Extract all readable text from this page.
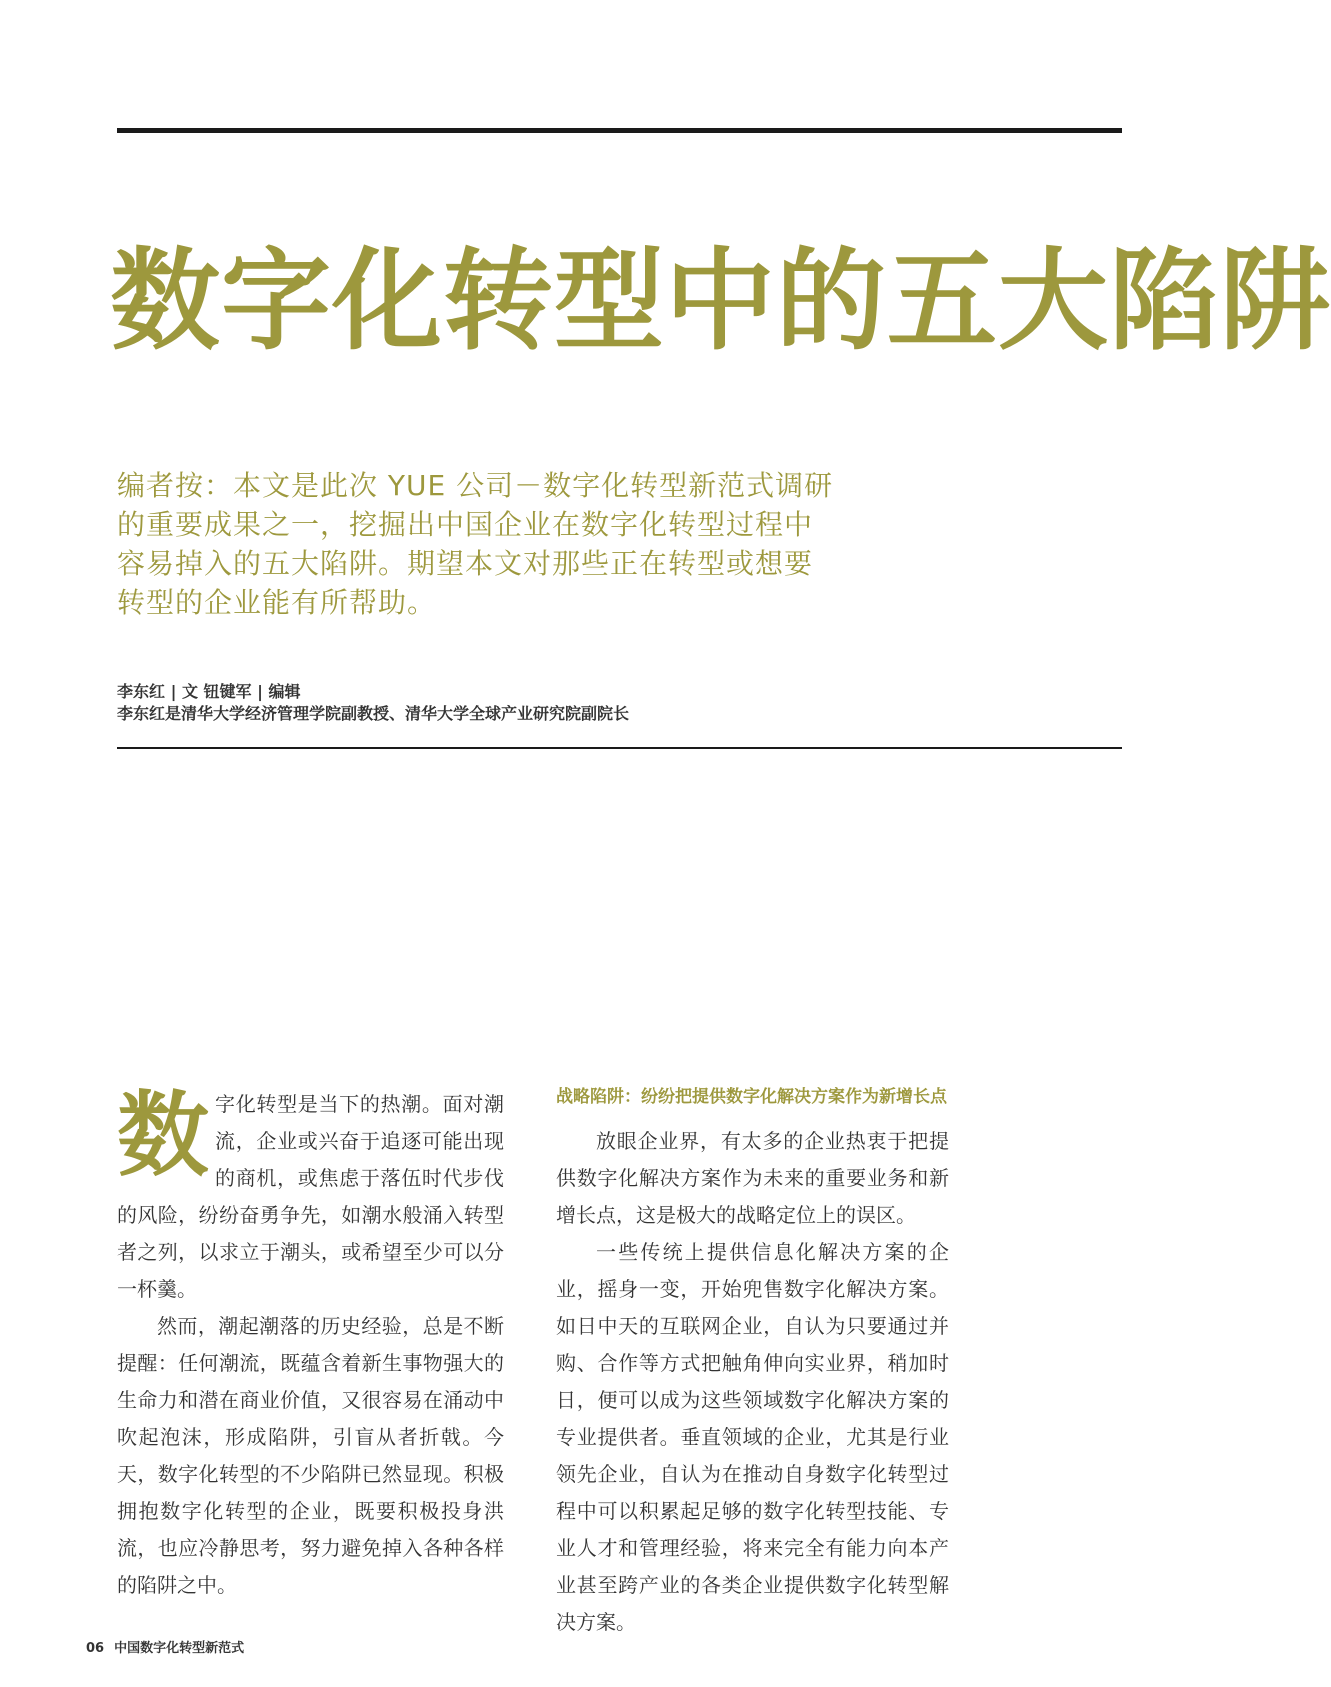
数字化转型中的五大陷阱
编者按：本文是此次 YUE 公司－数字化转型新范式调研的重要成果之一，挖掘出中国企业在数字化转型过程中容易掉入的五大陷阱。期望本文对那些正在转型或想要转型的企业能有所帮助。
李东红 | 文 钮键军 | 编辑
李东红是清华大学经济管理学院副教授、清华大学全球产业研究院副院长

数字化转型是当下的热潮。面对潮流，企业或兴奋于追逐可能出现的商机，或焦虑于落伍时代步伐的风险，纷纷奋勇争先，如潮水般涌入转型者之列，以求立于潮头，或希望至少可以分一杯羹。

然而，潮起潮落的历史经验，总是不断提醒：任何潮流，既蕴含着新生事物强大的生命力和潜在商业价值，又很容易在涌动中吹起泡沫，形成陷阱，引盲从者折戟。今天，数字化转型的不少陷阱已然显现。积极拥抱数字化转型的企业，既要积极投身洪流，也应冷静思考，努力避免掉入各种各样的陷阱之中。

战略陷阱：纷纷把提供数字化解决方案作为新增长点

放眼企业界，有太多的企业热衷于把提供数字化解决方案作为未来的重要业务和新增长点，这是极大的战略定位上的误区。

一些传统上提供信息化解决方案的企业，摇身一变，开始兜售数字化解决方案。如日中天的互联网企业，自认为只要通过并购、合作等方式把触角伸向实业界，稍加时日，便可以成为这些领域数字化解决方案的专业提供者。垂直领域的企业，尤其是行业领先企业，自认为在推动自身数字化转型过程中可以积累起足够的数字化转型技能、专业人才和管理经验，将来完全有能力向本产业甚至跨产业的各类企业提供数字化转型解决方案。

06 中国数字化转型新范式
